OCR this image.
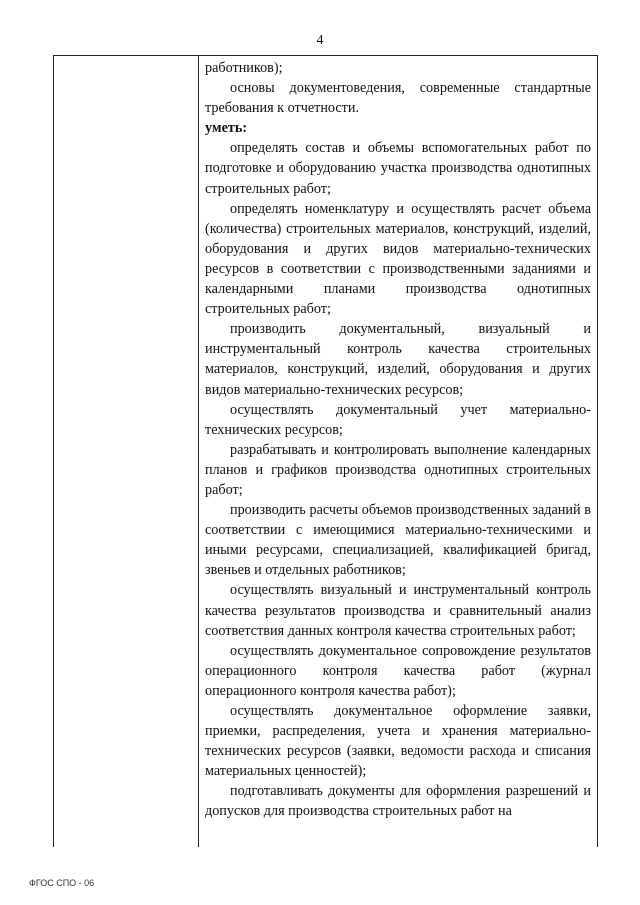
4

работников);

основы документоведения, современные стандартные требования к отчетности.

уметь:

определять состав и объемы вспомогательных работ по подготовке и оборудованию участка производства однотипных строительных работ;

определять номенклатуру и осуществлять расчет объема (количества) строительных материалов, конструкций, изделий, оборудования и других видов материально-технических ресурсов в соответствии с производственными заданиями и календарными планами производства однотипных строительных работ;

производить документальный, визуальный и инструментальный контроль качества строительных материалов, конструкций, изделий, оборудования и других видов материально-технических ресурсов;

осуществлять документальный учет материально-технических ресурсов;

разрабатывать и контролировать выполнение календарных планов и графиков производства однотипных строительных работ;

производить расчеты объемов производственных заданий в соответствии с имеющимися материально-техническими и иными ресурсами, специализацией, квалификацией бригад, звеньев и отдельных работников;

осуществлять визуальный и инструментальный контроль качества результатов производства и сравнительный анализ соответствия данных контроля качества строительных работ;

осуществлять документальное сопровождение результатов операционного контроля качества работ (журнал операционного контроля качества работ);

осуществлять документальное оформление заявки, приемки, распределения, учета и хранения материально-технических ресурсов (заявки, ведомости расхода и списания материальных ценностей);

подготавливать документы для оформления разрешений и допусков для производства строительных работ на

ФГОС СПО - 06
